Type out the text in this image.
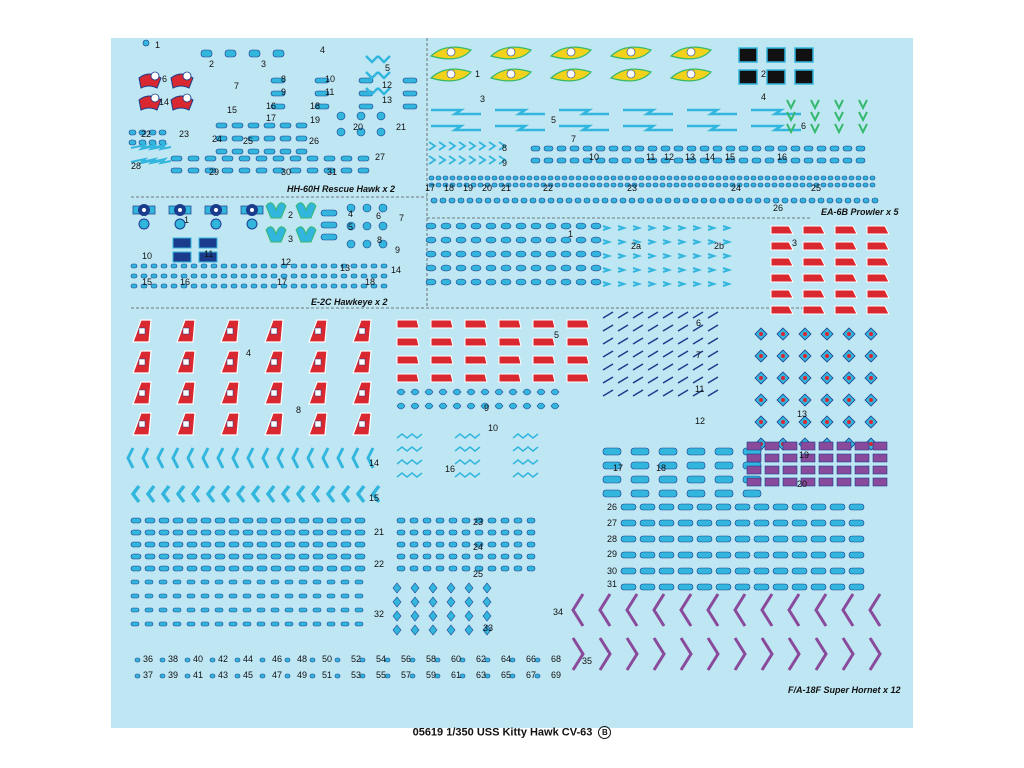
HH-60H Rescue Hawk x 2
EA-6B Prowler x 5
E-2C Hawkeye x 2
F/A-18F Super Hornet x 12
05619 1/350 USS Kitty Hawk CV-63 B
1
2	3
4
5
6
7
8
9
10
11
12
13
14
15	16
17
18
19
20	21
22	23	24 25	26
27
28
29	30	31
1	2
3	4
5
6
7
8
9
10	11 12 13 14 15	16
17 18 19 20 21	22	23	24	25
26
1	2
3
4
5
6 7
8
9
10	11
12
13	14
15	16	17	18
1
2a	2b	3
4
5
6
7
8	9
10
11
12
13
14
15
16	17	18
19
20
21
22
23
24
25
26
27
28
29
30
31
32
33
34
35
36 38 40 42 44 46 48 50 52 54 56 58 60 62 64 66 68
37 39 41 43 45 47 49 51 53 55 57 59 61 63 65 67 69
